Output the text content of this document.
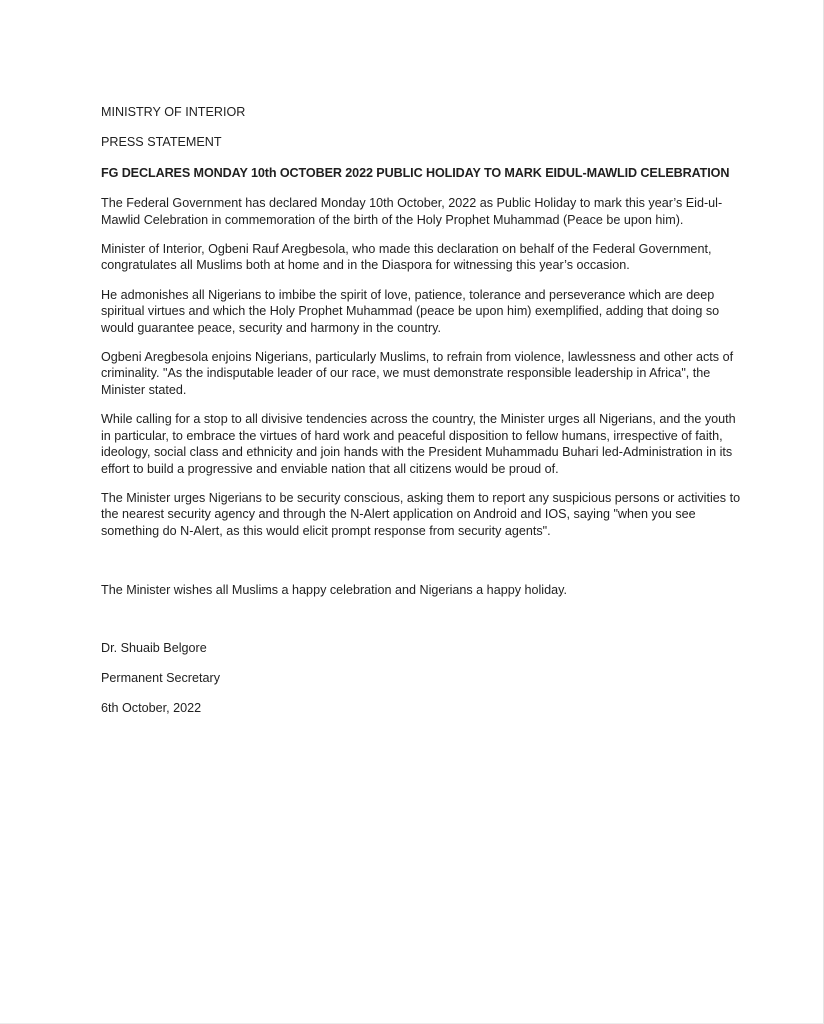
MINISTRY OF INTERIOR
PRESS STATEMENT
FG DECLARES MONDAY 10th OCTOBER 2022 PUBLIC HOLIDAY TO MARK EIDUL-MAWLID CELEBRATION

The Federal Government has declared Monday 10th October, 2022 as Public Holiday to mark this year’s Eid-ul-Mawlid Celebration in commemoration of the birth of the Holy Prophet Muhammad (Peace be upon him).

Minister of Interior, Ogbeni Rauf Aregbesola, who made this declaration on behalf of the Federal Government, congratulates all Muslims both at home and in the Diaspora for witnessing this year’s occasion.

He admonishes all Nigerians to imbibe the spirit of love, patience, tolerance and perseverance which are deep spiritual virtues and which the Holy Prophet Muhammad (peace be upon him) exemplified, adding that doing so would guarantee peace, security and harmony in the country.

Ogbeni Aregbesola enjoins Nigerians, particularly Muslims, to refrain from violence, lawlessness and other acts of criminality. "As the indisputable leader of our race, we must demonstrate responsible leadership in Africa", the Minister stated.

While calling for a stop to all divisive tendencies across the country, the Minister urges all Nigerians, and the youth in particular, to embrace the virtues of hard work and peaceful disposition to fellow humans, irrespective of faith, ideology, social class and ethnicity and join hands with the President Muhammadu Buhari led-Administration in its effort to build a progressive and enviable nation that all citizens would be proud of.

The Minister urges Nigerians to be security conscious, asking them to report any suspicious persons or activities to the nearest security agency and through the N-Alert application on Android and IOS, saying "when you see something do N-Alert, as this would elicit prompt response from security agents".

The Minister wishes all Muslims a happy celebration and Nigerians a happy holiday.

Dr. Shuaib Belgore
Permanent Secretary
6th October, 2022
